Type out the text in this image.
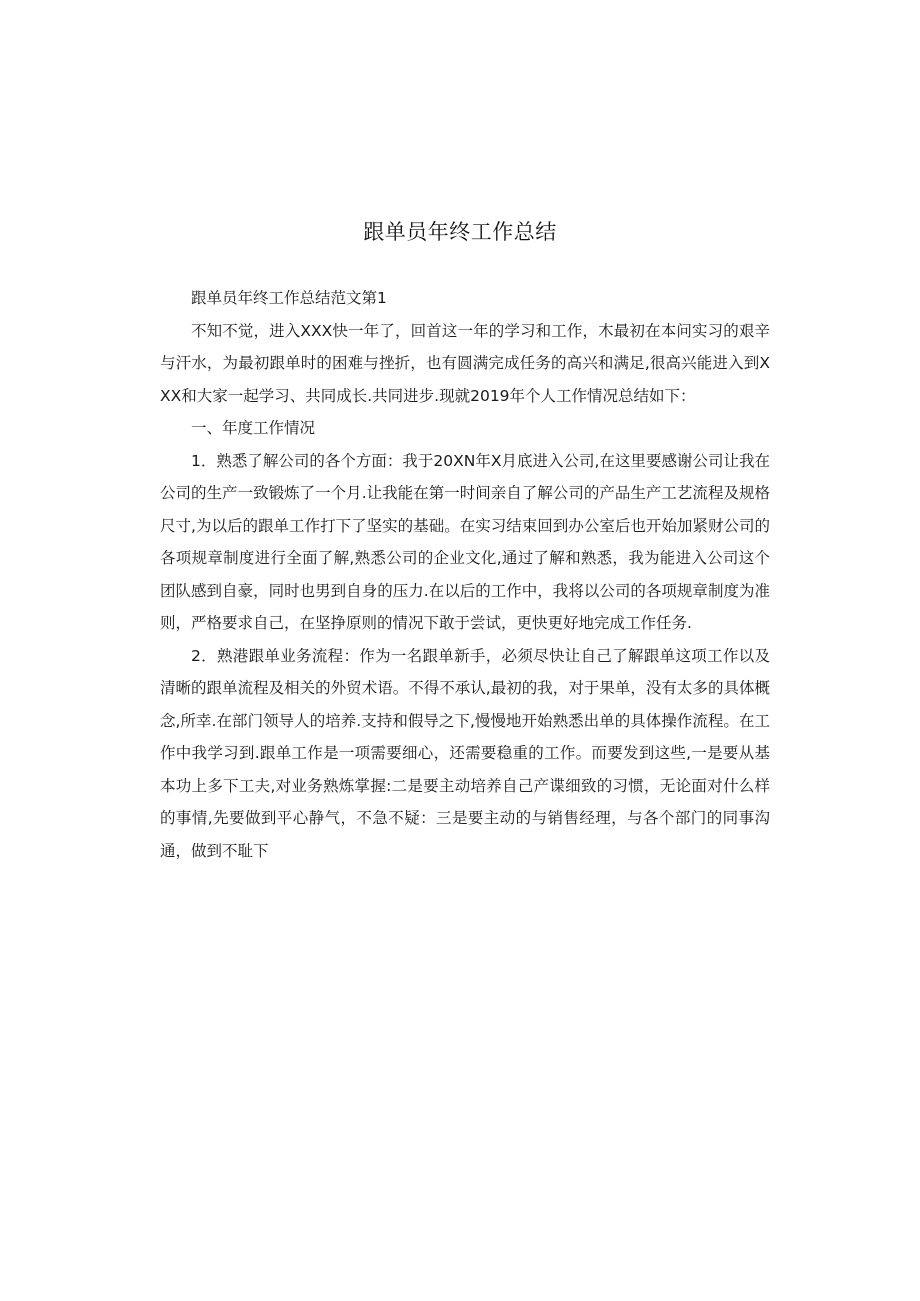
跟单员年终工作总结

跟单员年终工作总结范文第1

不知不觉，进入XXX快一年了，回首这一年的学习和工作，木最初在本问实习的艰辛与汗水，为最初跟单时的困难与挫折，也有圆满完成任务的高兴和满足,很高兴能进入到XXX和大家一起学习、共同成长.共同进步.现就2019年个人工作情况总结如下：

一、年度工作情况

1．熟悉了解公司的各个方面：我于20XN年X月底进入公司,在这里要感谢公司让我在公司的生产一致锻炼了一个月.让我能在第一时间亲自了解公司的产品生产工艺流程及规格尺寸,为以后的跟单工作打下了坚实的基础。在实习结束回到办公室后也开始加紧财公司的各项规章制度进行全面了解,熟悉公司的企业文化,通过了解和熟悉，我为能进入公司这个团队感到自豪，同时也男到自身的压力.在以后的工作中，我将以公司的各项规章制度为准则，严格要求自己，在坚挣原则的情况下敢于尝试，更快更好地完成工作任务.

2．熟港跟单业务流程：作为一名跟单新手，必须尽快让自己了解跟单这项工作以及清晰的跟单流程及相关的外贸术语。不得不承认,最初的我，对于果单，没有太多的具体概念,所幸.在部门领导人的培养.支持和假导之下,慢慢地开始熟悉出单的具体操作流程。在工作中我学习到.跟单工作是一项需要细心，还需要稳重的工作。而要发到这些,一是要从基本功上多下工夫,对业务熟炼掌握:二是要主动培养自己产谍细致的习惯，无论面对什么样的事情,先要做到平心静气，不急不疑：三是要主动的与销售经理，与各个部门的同事沟通，做到不耻下
